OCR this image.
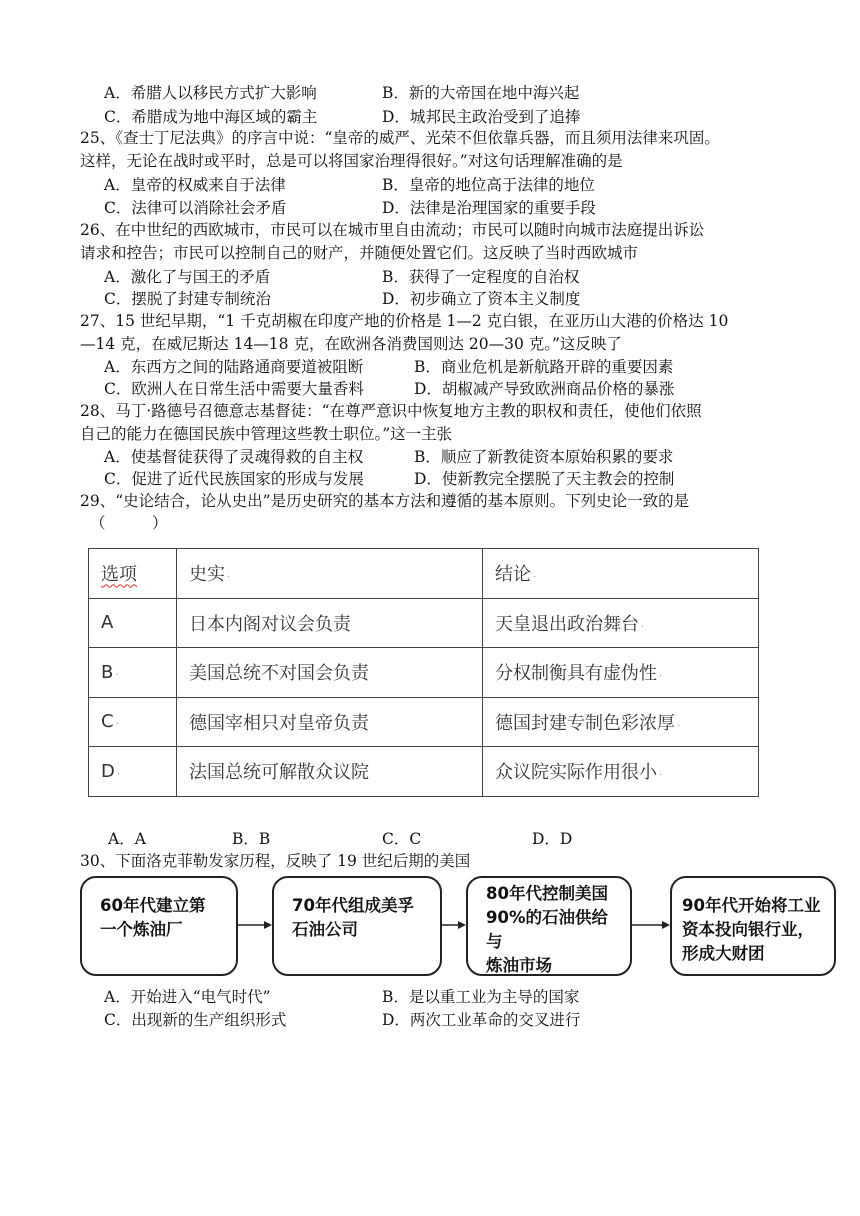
A．希腊人以移民方式扩大影响	B．新的大帝国在地中海兴起
C．希腊成为地中海区域的霸主	D．城邦民主政治受到了追捧
25、《查士丁尼法典》的序言中说：“皇帝的威严、光荣不但依靠兵器，而且须用法律来巩固。
这样，无论在战时或平时，总是可以将国家治理得很好。”对这句话理解准确的是
A．皇帝的权威来自于法律	B．皇帝的地位高于法律的地位
C．法律可以消除社会矛盾	D．法律是治理国家的重要手段
26、在中世纪的西欧城市，市民可以在城市里自由流动；市民可以随时向城市法庭提出诉讼
请求和控告；市民可以控制自己的财产，并随便处置它们。这反映了当时西欧城市
A．激化了与国王的矛盾	B．获得了一定程度的自治权
C．摆脱了封建专制统治	D．初步确立了资本主义制度
27、15 世纪早期，“1 千克胡椒在印度产地的价格是 1—2 克白银，在亚历山大港的价格达 10
—14 克，在威尼斯达 14—18 克，在欧洲各消费国则达 20—30 克。”这反映了
A．东西方之间的陆路通商要道被阻断	B．商业危机是新航路开辟的重要因素
C．欧洲人在日常生活中需要大量香料	D．胡椒减产导致欧洲商品价格的暴涨
28、马丁·路德号召德意志基督徒：“在尊严意识中恢复地方主教的职权和责任，使他们依照
自己的能力在德国民族中管理这些教士职位。”这一主张
A．使基督徒获得了灵魂得救的自主权	B．顺应了新教徒资本原始积累的要求
C．促进了近代民族国家的形成与发展	D．使新教完全摆脱了天主教会的控制
29、“史论结合，论从史出”是历史研究的基本方法和遵循的基本原则。下列史论一致的是
（　　　）
选项	史实 ·	结论 ·
A	日本内阁对议会负责	天皇退出政治舞台 ·
B ·	美国总统不对国会负责	分权制衡具有虚伪性 ·
C ·	德国宰相只对皇帝负责	德国封建专制色彩浓厚 ·
D ·	法国总统可解散众议院	众议院实际作用很小 ·
A．A	B．B	C．C	D．D
30、下面洛克菲勒发家历程，反映了 19 世纪后期的美国
60年代建立第
一个炼油厂
70年代组成美孚
石油公司
80年代控制美国
90%的石油供给与
炼油市场
90年代开始将工业
资本投向银行业，
形成大财团
A．开始进入“电气时代”	B．是以重工业为主导的国家
C．出现新的生产组织形式	D．两次工业革命的交叉进行
